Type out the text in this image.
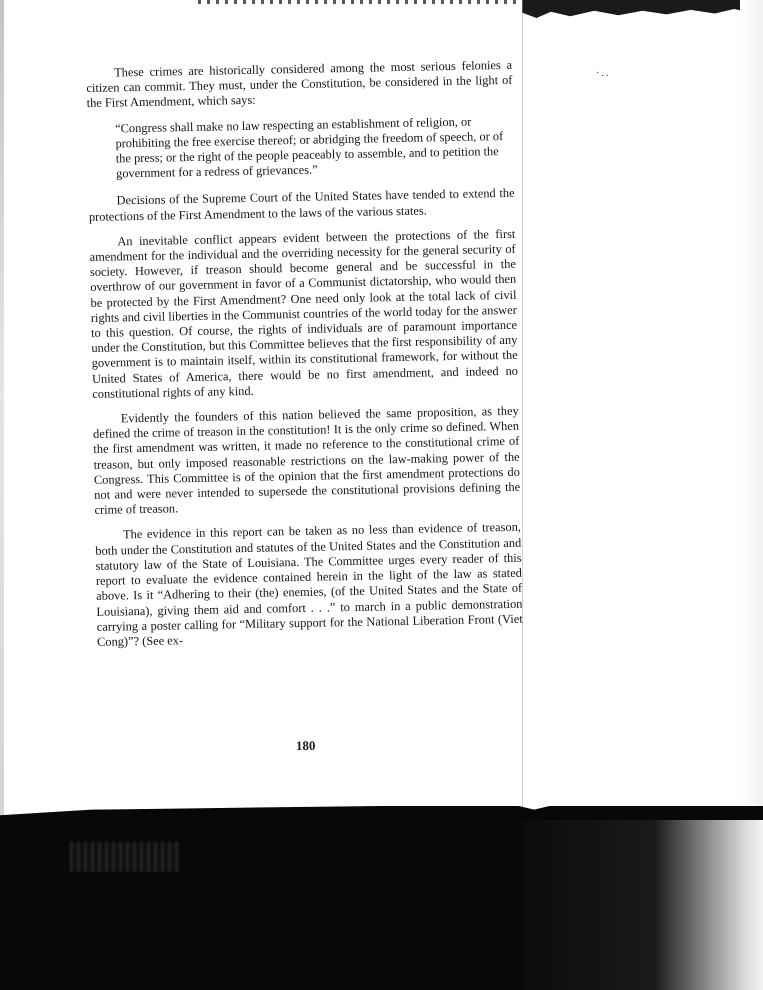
·..

These crimes are historically considered among the most serious felonies a citizen can commit. They must, under the Constitution, be considered in the light of the First Amendment, which says:

“Congress shall make no law respecting an establishment of religion, or prohibiting the free exercise thereof; or abridging the freedom of speech, or of the press; or the right of the people peaceably to assemble, and to petition the government for a redress of grievances.”

Decisions of the Supreme Court of the United States have tended to extend the protections of the First Amendment to the laws of the various states.

An inevitable conflict appears evident between the protections of the first amendment for the individual and the overriding necessity for the general security of society. However, if treason should become general and be successful in the overthrow of our government in favor of a Communist dictatorship, who would then be protected by the First Amendment? One need only look at the total lack of civil rights and civil liberties in the Communist countries of the world today for the answer to this question. Of course, the rights of individuals are of paramount importance under the Constitution, but this Committee believes that the first responsibility of any government is to maintain itself, within its constitutional framework, for without the United States of America, there would be no first amendment, and indeed no constitutional rights of any kind.

Evidently the founders of this nation believed the same proposition, as they defined the crime of treason in the constitution! It is the only crime so defined. When the first amendment was written, it made no reference to the constitutional crime of treason, but only imposed reasonable restrictions on the law-making power of the Congress. This Committee is of the opinion that the first amendment protections do not and were never intended to supersede the constitutional provisions defining the crime of treason.

The evidence in this report can be taken as no less than evidence of treason, both under the Constitution and statutes of the United States and the Constitution and statutory law of the State of Louisiana. The Committee urges every reader of this report to evaluate the evidence contained herein in the light of the law as stated above. Is it “Adhering to their (the) enemies, (of the United States and the State of Louisiana), giving them aid and comfort . . .” to march in a public demonstration carrying a poster calling for “Military support for the National Liberation Front (Viet Cong)”? (See ex-

180
